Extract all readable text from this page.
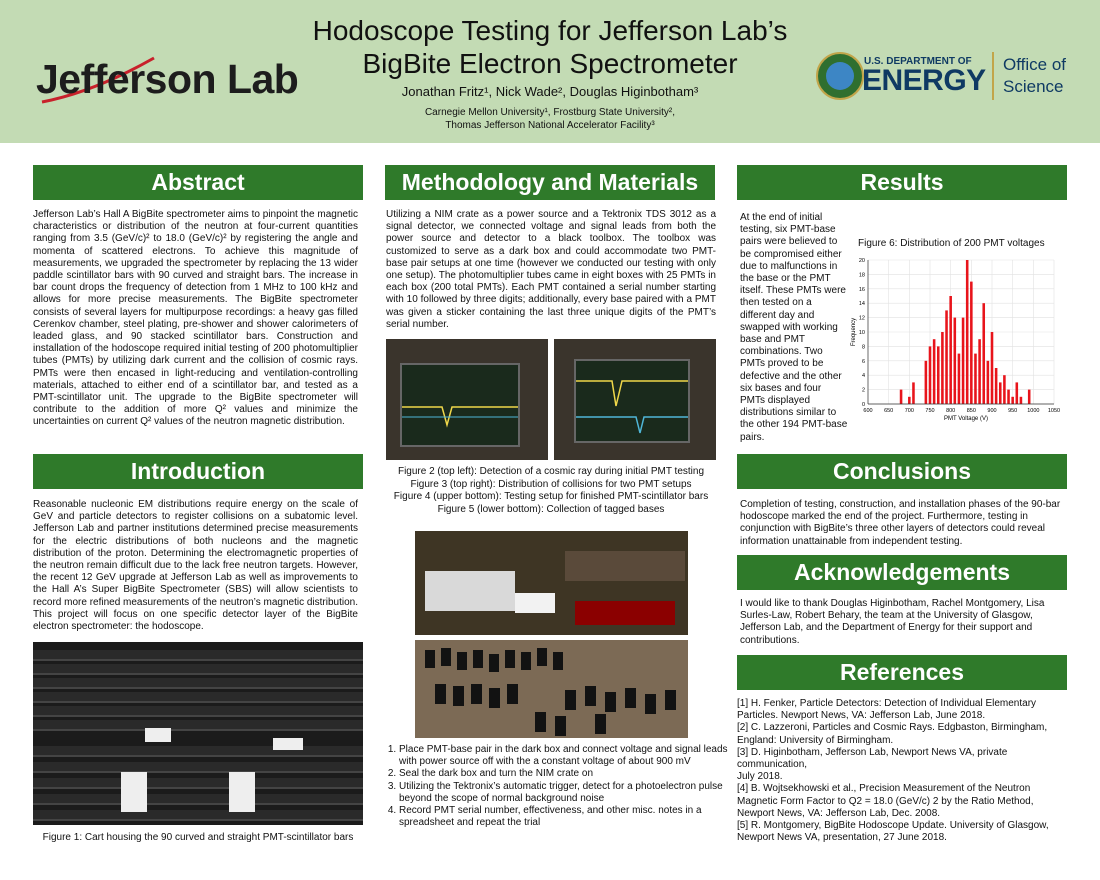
Jefferson Lab
Hodoscope Testing for Jefferson Lab’s
BigBite Electron Spectrometer
Jonathan Fritz¹, Nick Wade², Douglas Higinbotham³
Carnegie Mellon University¹, Frostburg State University²,
Thomas Jefferson National Accelerator Facility³
U.S. DEPARTMENT OF
ENERGY Office of
Science
Abstract

Jefferson Lab’s Hall A BigBite spectrometer aims to pinpoint the magnetic characteristics or distribution of the neutron at four-current quantities ranging from 3.5 (GeV/c)² to 18.0 (GeV/c)² by registering the angle and momenta of scattered electrons. To achieve this magnitude of measurements, we upgraded the spectrometer by replacing the 13 wider paddle scintillator bars with 90 curved and straight bars. The increase in bar count drops the frequency of detection from 1 MHz to 100 kHz and allows for more precise measurements. The BigBite spectrometer consists of several layers for multipurpose recordings: a heavy gas filled Cerenkov chamber, steel plating, pre-shower and shower calorimeters of leaded glass, and 90 stacked scintillator bars. Construction and installation of the hodoscope required initial testing of 200 photomultiplier tubes (PMTs) by utilizing dark current and the collision of cosmic rays. PMTs were then encased in light-reducing and ventilation-controlling materials, attached to either end of a scintillator bar, and tested as a PMT-scintillator unit. The upgrade to the BigBite spectrometer will contribute to the addition of more Q² values and minimize the uncertainties on current Q² values of the neutron magnetic distribution.

Introduction

Reasonable nucleonic EM distributions require energy on the scale of GeV and particle detectors to register collisions on a subatomic level. Jefferson Lab and partner institutions determined precise measurements for the electric distributions of both nucleons and the magnetic distribution of the proton. Determining the electromagnetic properties of the neutron remain difficult due to the lack free neutron targets. However, the recent 12 GeV upgrade at Jefferson Lab as well as improvements to the Hall A’s Super BigBite Spectrometer (SBS) will allow scientists to record more refined measurements of the neutron’s magnetic distribution. This project will focus on one specific detector layer of the BigBite electron spectrometer: the hodoscope.

Figure 1: Cart housing the 90 curved and straight PMT-scintillator bars
Methodology and Materials

Utilizing a NIM crate as a power source and a Tektronix TDS 3012 as a signal detector, we connected voltage and signal leads from both the power source and detector to a black toolbox. The toolbox was customized to serve as a dark box and could accommodate two PMT-base pair setups at one time (however we conducted our testing with only one setup). The photomultiplier tubes came in eight boxes with 25 PMTs in each box (200 total PMTs). Each PMT contained a serial number starting with 10 followed by three digits; additionally, every base paired with a PMT was given a sticker containing the last three unique digits of the PMT’s serial number.

Figure 2 (top left): Detection of a cosmic ray during initial PMT testing
Figure 3 (top right): Distribution of collisions for two PMT setups
Figure 4 (upper bottom): Testing setup for finished PMT-scintillator bars
Figure 5 (lower bottom): Collection of tagged bases
1. Place PMT-base pair in the dark box and connect voltage and signal leads with power source off with the a constant voltage of about 900 mV
2. Seal the dark box and turn the NIM crate on
3. Utilizing the Tektronix’s automatic trigger, detect for a photoelectron pulse beyond the scope of normal background noise
4. Record PMT serial number, effectiveness, and other misc. notes in a spreadsheet and repeat the trial
Results

At the end of initial testing, six PMT-base pairs were believed to be compromised either due to malfunctions in the base or the PMT itself. These PMTs were then tested on a different day and swapped with working base and PMT combinations. Two PMTs proved to be defective and the other six bases and four PMTs displayed distributions similar to the other 194 PMT-base pairs.

Figure 6: Distribution of 200 PMT voltages
0
2
4
6
8
10
12
14
16
18
20
600 650 700 750 800 850 900 950 1000 1050
PMT Voltage (V)
Frequency
Conclusions

Completion of testing, construction, and installation phases of the 90-bar hodoscope marked the end of the project. Furthermore, testing in conjunction with BigBite’s three other layers of detectors could reveal information unattainable from independent testing.

Acknowledgements

I would like to thank Douglas Higinbotham, Rachel Montgomery, Lisa Surles-Law, Robert Behary, the team at the University of Glasgow, Jefferson Lab, and the Department of Energy for their support and contributions.

References

[1] H. Fenker, Particle Detectors: Detection of Individual Elementary Particles. Newport News, VA: Jefferson Lab, June 2018.

[2] C. Lazzeroni, Particles and Cosmic Rays. Edgbaston, Birmingham, England: University of Birmingham.

[3] D. Higinbotham, Jefferson Lab, Newport News VA, private communication,

July 2018.

[4] B. Wojtsekhowski et al., Precision Measurement of the Neutron Magnetic Form Factor to Q2 = 18.0 (GeV/c) 2 by the Ratio Method, Newport News, VA: Jefferson Lab, Dec. 2008.

[5] R. Montgomery, BigBite Hodoscope Update. University of Glasgow, Newport News VA, presentation, 27 June 2018.
